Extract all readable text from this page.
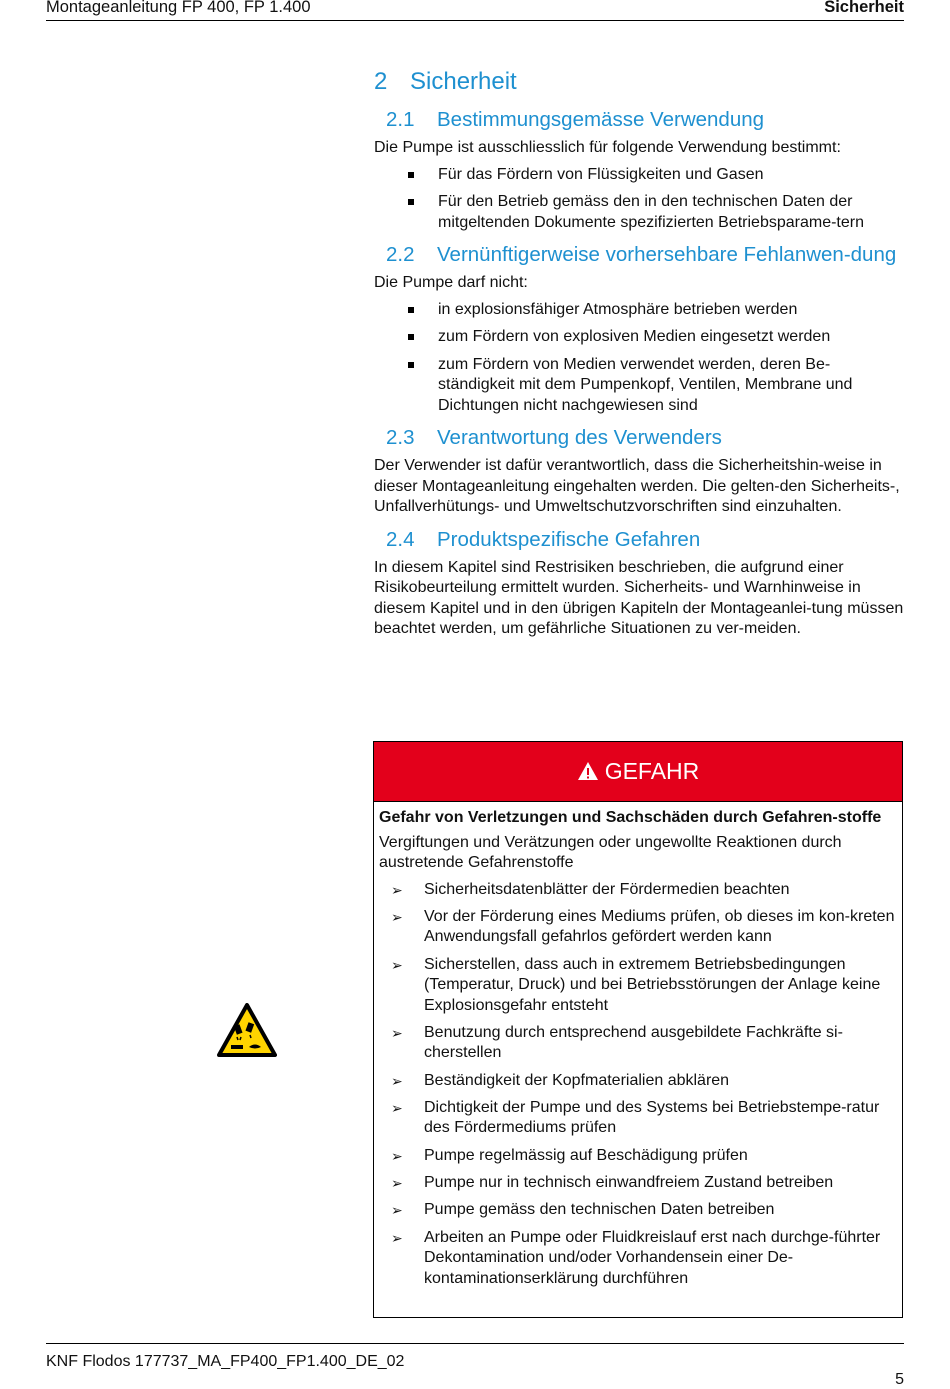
Montageanleitung FP 400, FP 1.400	Sicherheit
2 Sicherheit
2.1 Bestimmungsgemässe Verwendung

Die Pumpe ist ausschliesslich für folgende Verwendung bestimmt:

Für das Fördern von Flüssigkeiten und Gasen
Für den Betrieb gemäss den in den technischen Daten der mitgeltenden Dokumente spezifizierten Betriebsparame-tern
2.2 Vernünftigerweise vorhersehbare Fehlanwen-dung

Die Pumpe darf nicht:

in explosionsfähiger Atmosphäre betrieben werden
zum Fördern von explosiven Medien eingesetzt werden
zum Fördern von Medien verwendet werden, deren Be-ständigkeit mit dem Pumpenkopf, Ventilen, Membrane und Dichtungen nicht nachgewiesen sind
2.3 Verantwortung des Verwenders

Der Verwender ist dafür verantwortlich, dass die Sicherheitshin-weise in dieser Montageanleitung eingehalten werden. Die gelten-den Sicherheits-, Unfallverhütungs- und Umweltschutzvorschriften sind einzuhalten.

2.4 Produktspezifische Gefahren

In diesem Kapitel sind Restrisiken beschrieben, die aufgrund einer Risikobeurteilung ermittelt wurden. Sicherheits- und Warnhinweise in diesem Kapitel und in den übrigen Kapiteln der Montageanlei-tung müssen beachtet werden, um gefährliche Situationen zu ver-meiden.

GEFAHR
Gefahr von Verletzungen und Sachschäden durch Gefahren-stoffe
Vergiftungen und Verätzungen oder ungewollte Reaktionen durch austretende Gefahrenstoffe
➢ Sicherheitsdatenblätter der Fördermedien beachten
➢ Vor der Förderung eines Mediums prüfen, ob dieses im kon-kreten Anwendungsfall gefahrlos gefördert werden kann
➢ Sicherstellen, dass auch in extremem Betriebsbedingungen (Temperatur, Druck) und bei Betriebsstörungen der Anlage keine Explosionsgefahr entsteht
➢ Benutzung durch entsprechend ausgebildete Fachkräfte si-cherstellen
➢ Beständigkeit der Kopfmaterialien abklären
➢ Dichtigkeit der Pumpe und des Systems bei Betriebstempe-ratur des Fördermediums prüfen
➢ Pumpe regelmässig auf Beschädigung prüfen
➢ Pumpe nur in technisch einwandfreiem Zustand betreiben
➢ Pumpe gemäss den technischen Daten betreiben
➢ Arbeiten an Pumpe oder Fluidkreislauf erst nach durchge-führter Dekontamination und/oder Vorhandensein einer De-kontaminationserklärung durchführen
KNF Flodos 177737_MA_FP400_FP1.400_DE_02
5
